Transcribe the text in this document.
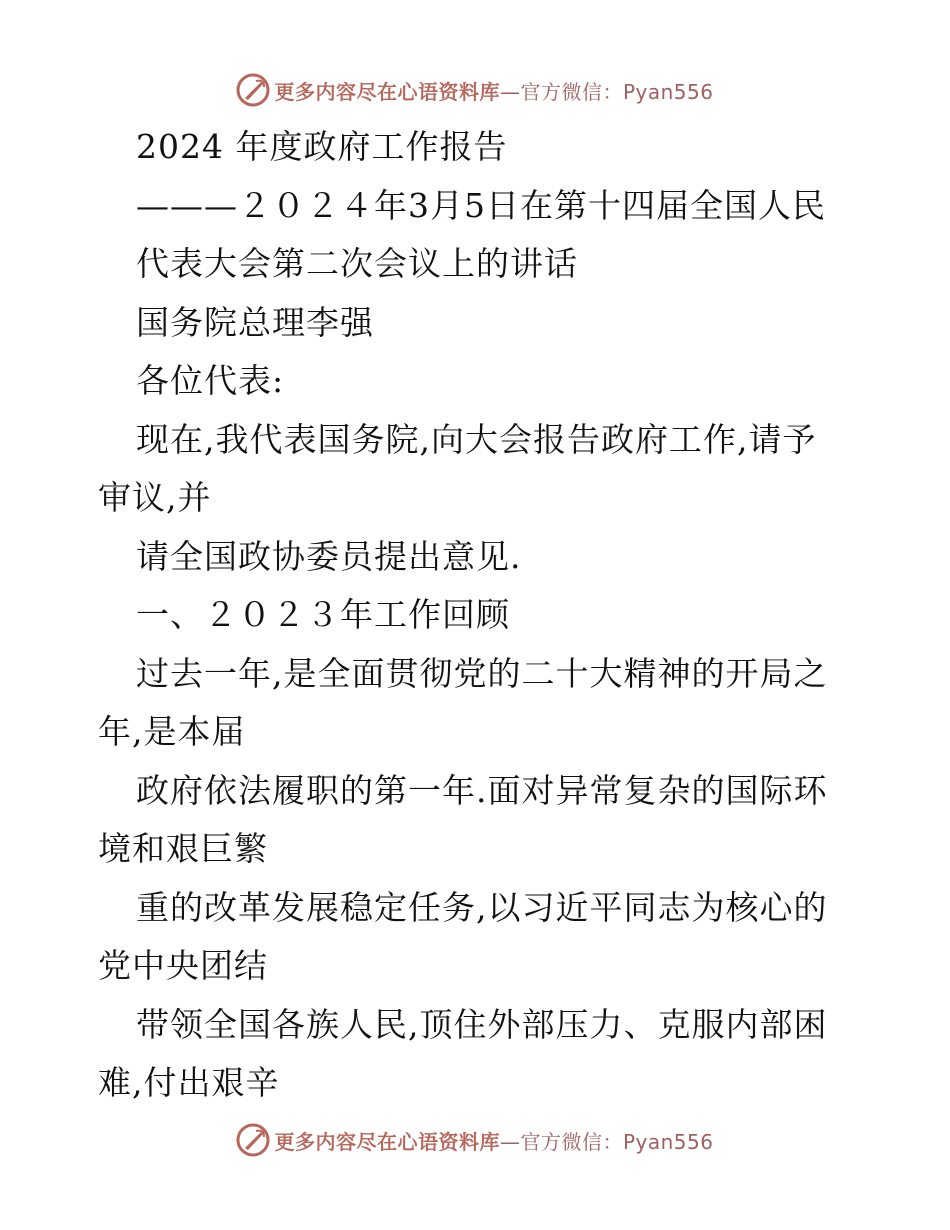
更多内容尽在心语资料库—官方微信：Pyan556
2024 年度政府工作报告
———２０２４年3月5日在第十四届全国人民
代表大会第二次会议上的讲话
国务院总理李强
各位代表:
现在,我代表国务院,向大会报告政府工作,请予
审议,并
请全国政协委员提出意见.
一、２０２３年工作回顾
过去一年,是全面贯彻党的二十大精神的开局之
年,是本届
政府依法履职的第一年.面对异常复杂的国际环
境和艰巨繁
重的改革发展稳定任务,以习近平同志为核心的
党中央团结
带领全国各族人民,顶住外部压力、克服内部困
难,付出艰辛
更多内容尽在心语资料库—官方微信：Pyan556
